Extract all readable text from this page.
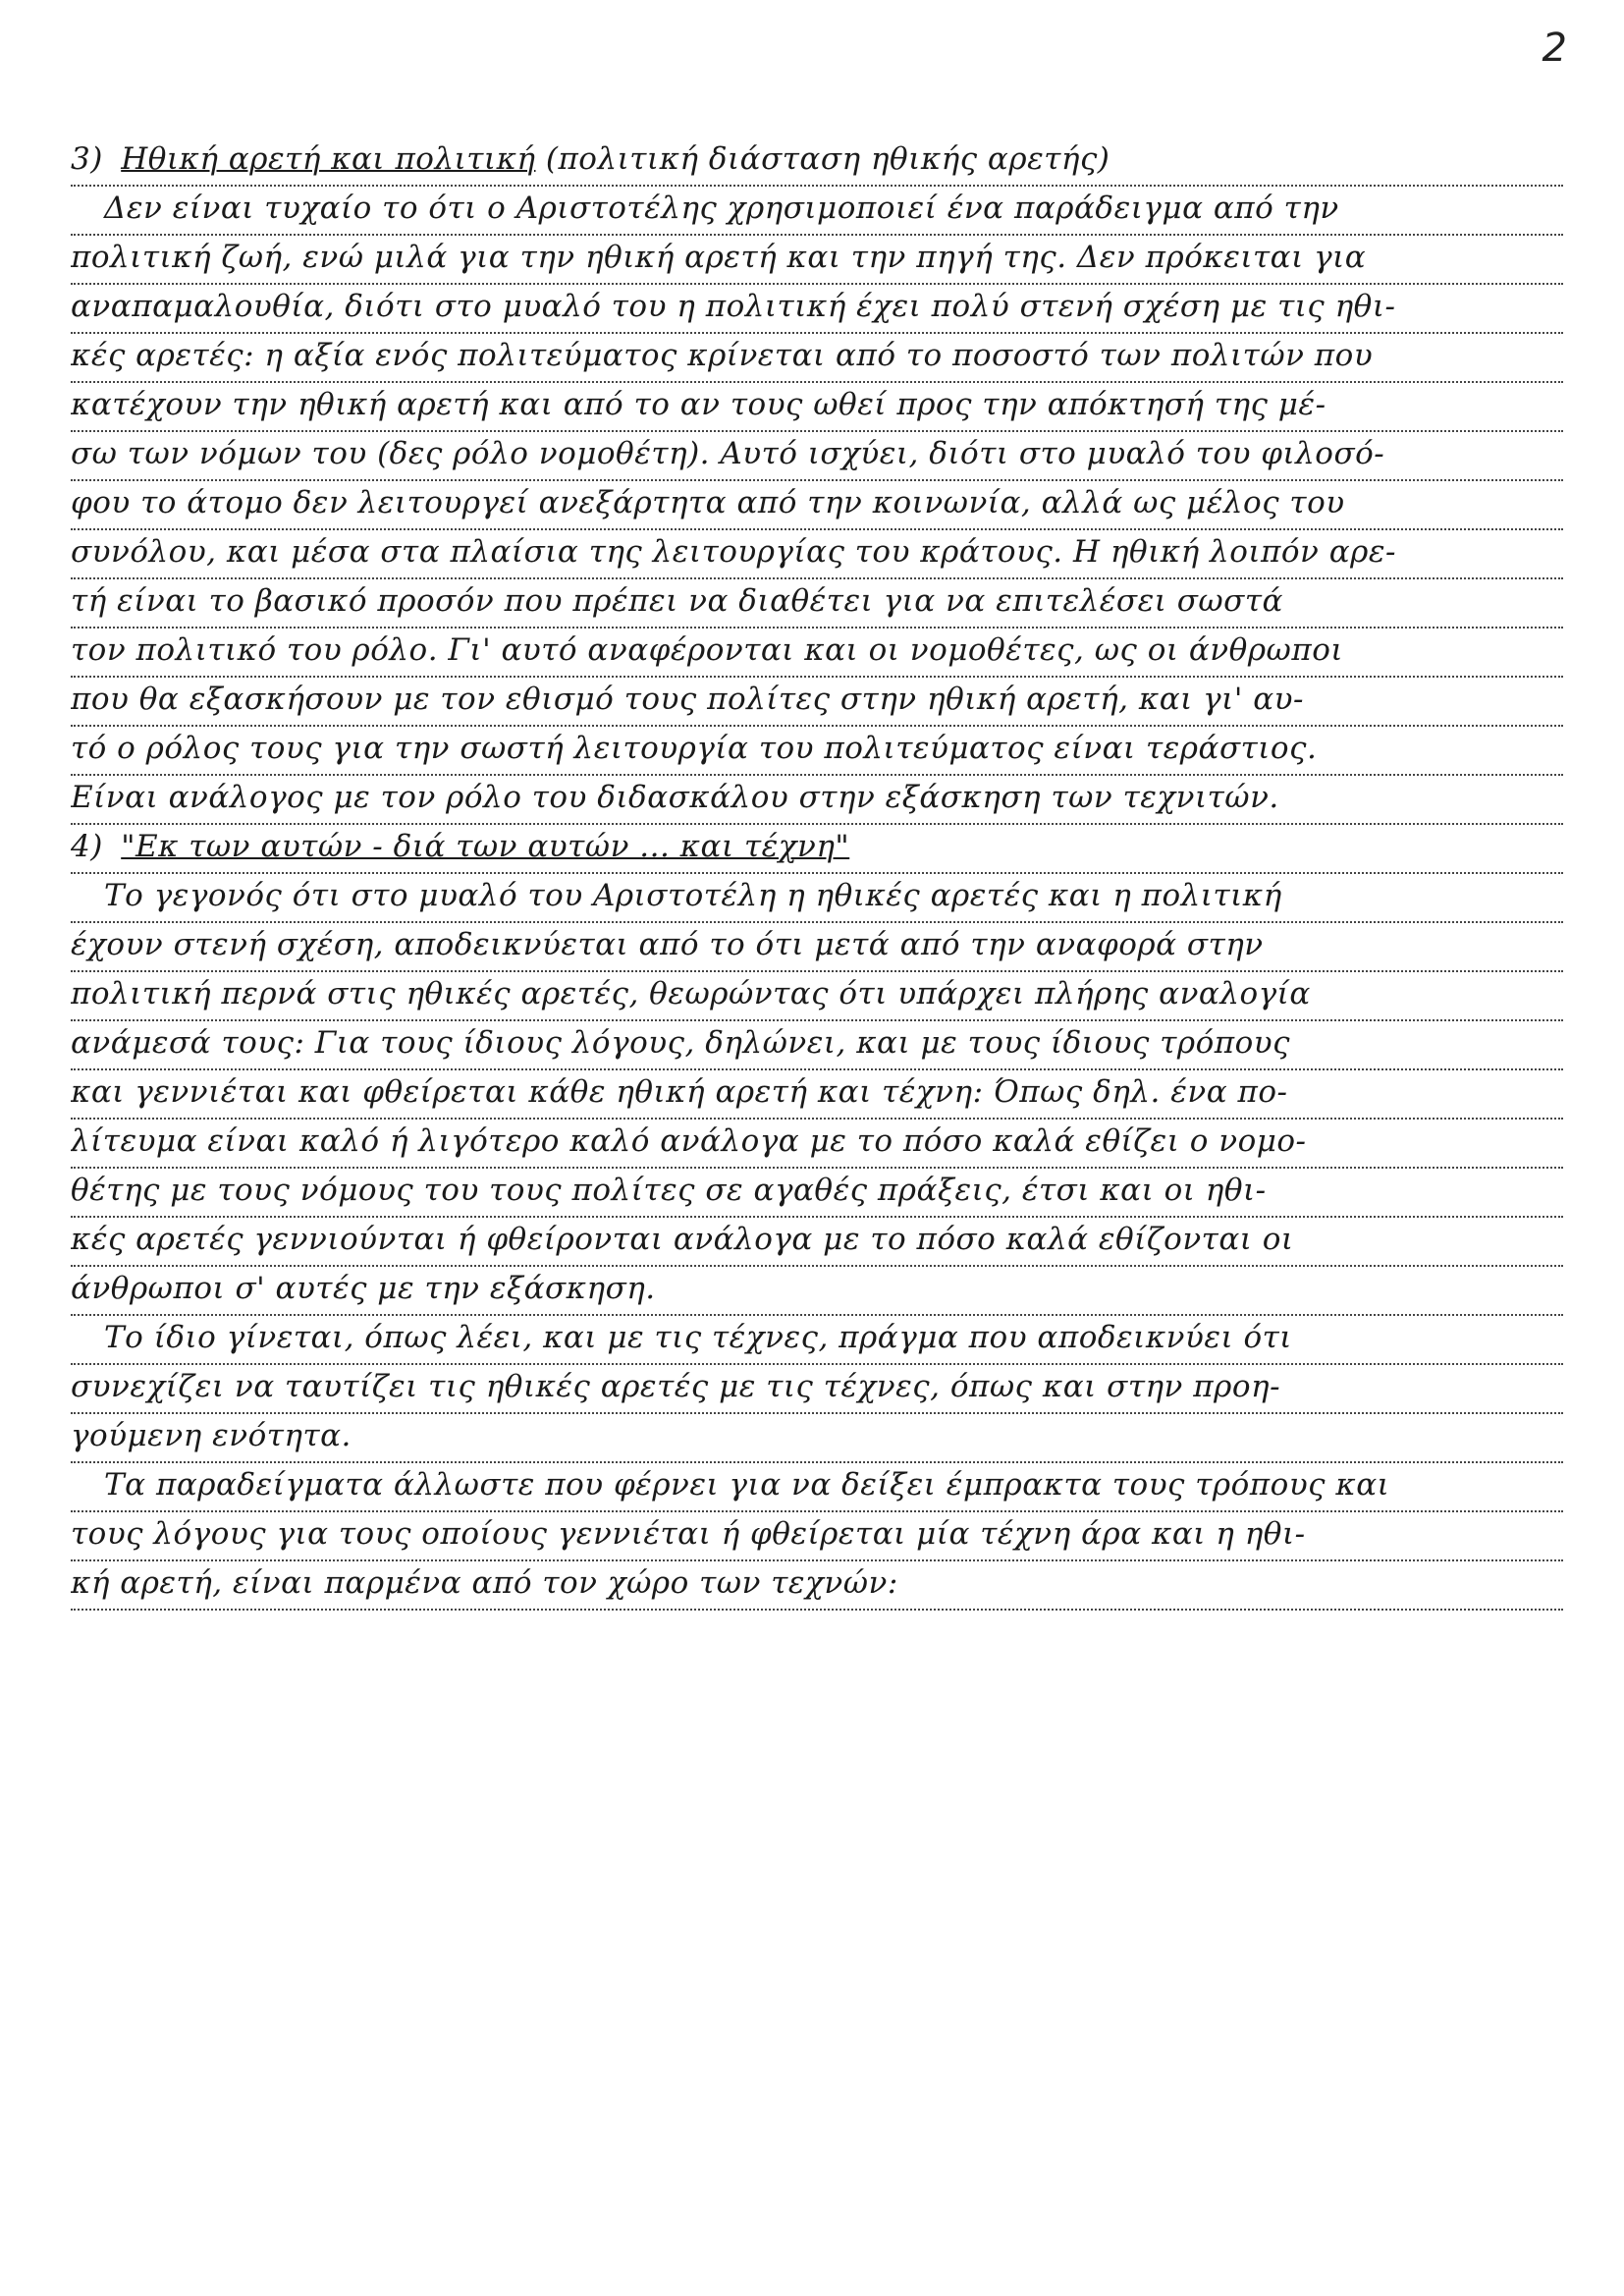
2
3) Ηθική αρετή και πολιτική (πολιτική διάσταση ηθικής αρετής)
Δεν είναι τυχαίο το ότι ο Αριστοτέλης χρησιμοποιεί ένα παράδειγμα από την
πολιτική ζωή, ενώ μιλά για την ηθική αρετή και την πηγή της. Δεν πρόκειται για
αναπαμαλουθία, διότι στο μυαλό του η πολιτική έχει πολύ στενή σχέση με τις ηθι-
κές αρετές: η αξία ενός πολιτεύματος κρίνεται από το ποσοστό των πολιτών που
κατέχουν την ηθική αρετή και από το αν τους ωθεί προς την απόκτησή της μέ-
σω των νόμων του (δες ρόλο νομοθέτη). Αυτό ισχύει, διότι στο μυαλό του φιλοσό-
φου το άτομο δεν λειτουργεί ανεξάρτητα από την κοινωνία, αλλά ως μέλος του
συνόλου, και μέσα στα πλαίσια της λειτουργίας του κράτους. Η ηθική λοιπόν αρε-
τή είναι το βασικό προσόν που πρέπει να διαθέτει για να επιτελέσει σωστά
τον πολιτικό του ρόλο. Γι' αυτό αναφέρονται και οι νομοθέτες, ως οι άνθρωποι
που θα εξασκήσουν με τον εθισμό τους πολίτες στην ηθική αρετή, και γι' αυ-
τό ο ρόλος τους για την σωστή λειτουργία του πολιτεύματος είναι τεράστιος.
Είναι ανάλογος με τον ρόλο του διδασκάλου στην εξάσκηση των τεχνιτών.
4) "Εκ των αυτών - διά των αυτών ... και τέχνη"
Το γεγονός ότι στο μυαλό του Αριστοτέλη η ηθικές αρετές και η πολιτική
έχουν στενή σχέση, αποδεικνύεται από το ότι μετά από την αναφορά στην
πολιτική περνά στις ηθικές αρετές, θεωρώντας ότι υπάρχει πλήρης αναλογία
ανάμεσά τους: Για τους ίδιους λόγους, δηλώνει, και με τους ίδιους τρόπους
και γεννιέται και φθείρεται κάθε ηθική αρετή και τέχνη: Όπως δηλ. ένα πο-
λίτευμα είναι καλό ή λιγότερο καλό ανάλογα με το πόσο καλά εθίζει ο νομο-
θέτης με τους νόμους του τους πολίτες σε αγαθές πράξεις, έτσι και οι ηθι-
κές αρετές γεννιούνται ή φθείρονται ανάλογα με το πόσο καλά εθίζονται οι
άνθρωποι σ' αυτές με την εξάσκηση.
Το ίδιο γίνεται, όπως λέει, και με τις τέχνες, πράγμα που αποδεικνύει ότι
συνεχίζει να ταυτίζει τις ηθικές αρετές με τις τέχνες, όπως και στην προη-
γούμενη ενότητα.
Τα παραδείγματα άλλωστε που φέρνει για να δείξει έμπρακτα τους τρόπους και
τους λόγους για τους οποίους γεννιέται ή φθείρεται μία τέχνη άρα και η ηθι-
κή αρετή, είναι παρμένα από τον χώρο των τεχνών:
